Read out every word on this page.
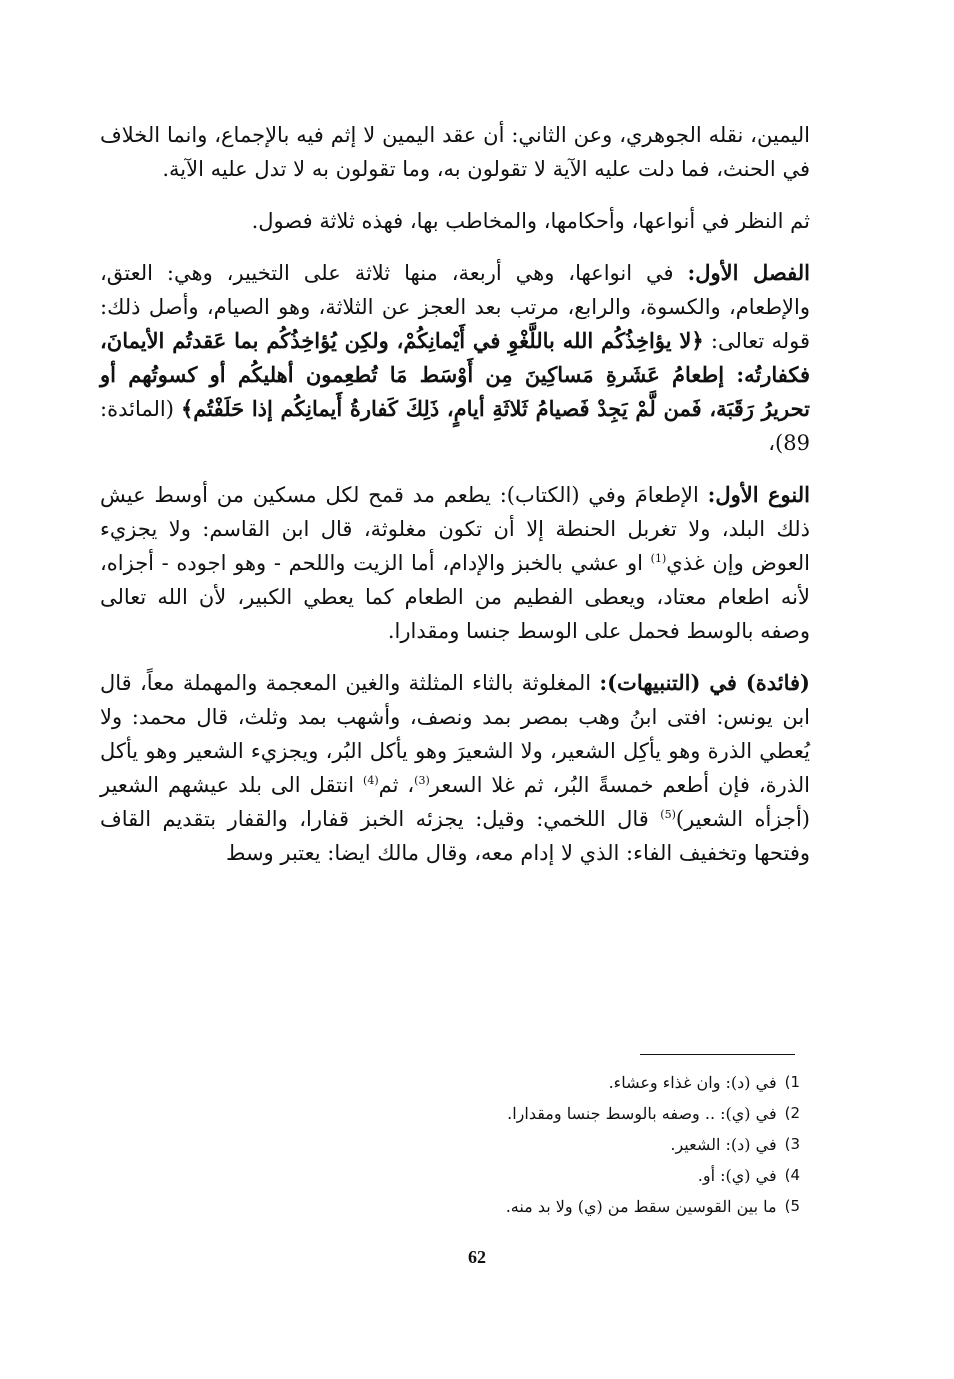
اليمين، نقله الجوهري، وعن الثاني: أن عقد اليمين لا إثم فيه بالإجماع، وانما الخلاف في الحنث، فما دلت عليه الآية لا تقولون به، وما تقولون به لا تدل عليه الآية.

ثم النظر في أنواعها، وأحكامها، والمخاطب بها، فهذه ثلاثة فصول.

الفصل الأول: في انواعها، وهي أربعة، منها ثلاثة على التخيير، وهي: العتق، والإطعام، والكسوة، والرابع، مرتب بعد العجز عن الثلاثة، وهو الصيام، وأصل ذلك: قوله تعالى: ﴿لا يؤاخِذُكُم الله باللَّغْوِ في أَيْمانِكُمْ، ولكِن يُؤاخِذُكُم بما عَقدتُم الأيمانَ، فكفارتُه: إطعامُ عَشَرةِ مَساكِينَ مِن أَوْسَط مَا تُطعِمون أهليكُم أو كسوتُهم أو تحريرُ رَقَبَة، فَمن لَّمْ يَجِدْ فَصيامُ ثَلاثَةِ أيامٍ، ذَلِكَ كَفارةُ أَيمانِكُم إذا حَلَفْتُم﴾ (المائدة: 89)،

النوع الأول: الإطعامَ وفي (الكتاب): يطعم مد قمح لكل مسكين من أوسط عيش ذلك البلد، ولا تغربل الحنطة إلا أن تكون مغلوثة، قال ابن القاسم: ولا يجزيء العوض وإن غذي$^{(1)}$ او عشي بالخبز والإدام، أما الزيت واللحم - وهو اجوده - أجزاه، لأنه اطعام معتاد، ويعطى الفطيم من الطعام كما يعطي الكبير، لأن الله تعالى وصفه بالوسط فحمل على الوسط جنسا ومقدارا.

(فائدة) في (التنبيهات): المغلوثة بالثاء المثلثة والغين المعجمة والمهملة معاً، قال ابن يونس: افتى ابنُ وهب بمصر بمد ونصف، وأشهب بمد وثلث، قال محمد: ولا يُعطي الذرة وهو يأكِل الشعير، ولا الشعيرَ وهو يأكل البُر، ويجزيء الشعير وهو يأكل الذرة، فإن أطعم خمسةً البُر، ثم غلا السعر$^{(3)}$، ثم$^{(4)}$ انتقل الى بلد عيشهم الشعير (أجزأه الشعير)$^{(5)}$ قال اللخمي: وقيل: يجزئه الخبز قفارا، والقفار بتقديم القاف وفتحها وتخفيف الفاء: الذي لا إدام معه، وقال مالك ايضا: يعتبر وسط

1)
في (د): وان غذاء وعشاء.
2)
في (ي): .. وصفه بالوسط جنسا ومقدارا.
3)
في (د): الشعير.
4)
في (ي): أو.
5)
ما بين القوسين سقط من (ي) ولا بد منه.
62
